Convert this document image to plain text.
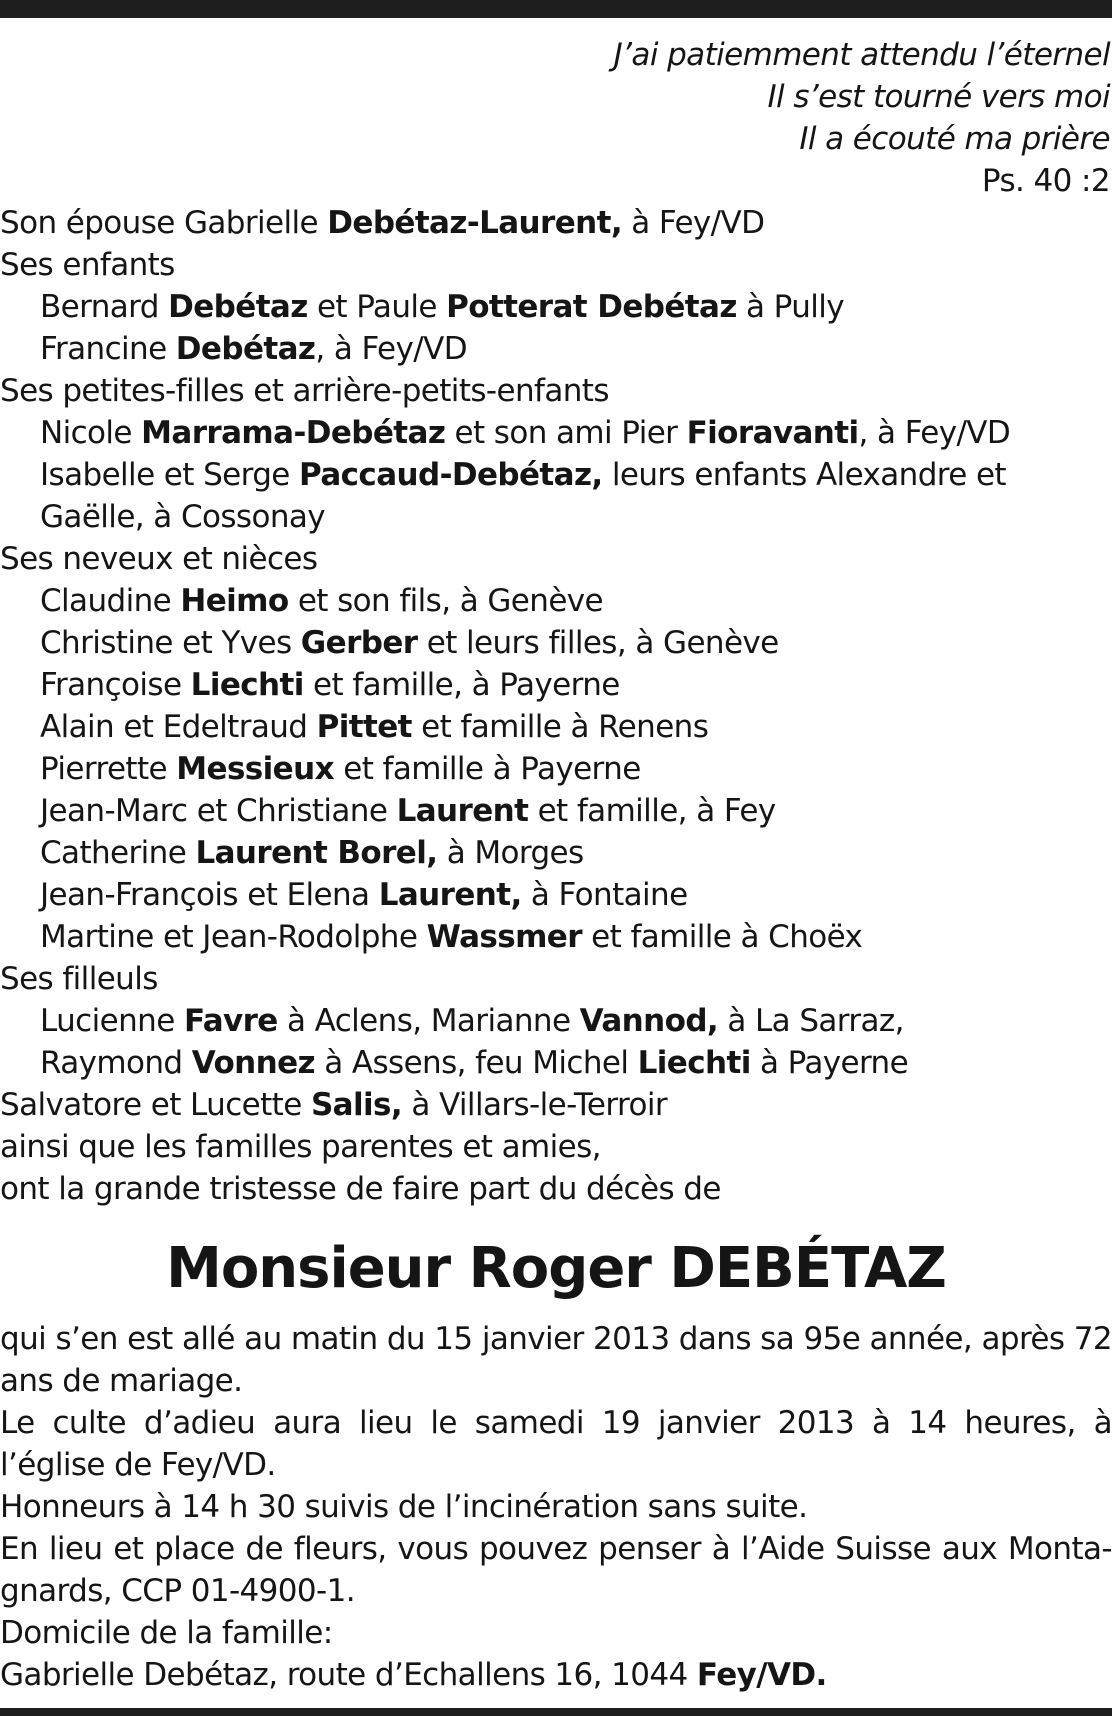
J’ai patiemment attendu l’éternel
Il s’est tourné vers moi
Il a écouté ma prière
Ps. 40 :2
Son épouse Gabrielle Debétaz-Laurent, à Fey/VD
Ses enfants
Bernard Debétaz et Paule Potterat Debétaz à Pully
Francine Debétaz, à Fey/VD
Ses petites-filles et arrière-petits-enfants
Nicole Marrama-Debétaz et son ami Pier Fioravanti, à Fey/VD
Isabelle et Serge Paccaud-Debétaz, leurs enfants Alexandre et Gaëlle, à Cossonay
Ses neveux et nièces
Claudine Heimo et son fils, à Genève
Christine et Yves Gerber et leurs filles, à Genève
Françoise Liechti et famille, à Payerne
Alain et Edeltraud Pittet et famille à Renens
Pierrette Messieux et famille à Payerne
Jean-Marc et Christiane Laurent et famille, à Fey
Catherine Laurent Borel, à Morges
Jean-François et Elena Laurent, à Fontaine
Martine et Jean-Rodolphe Wassmer et famille à Choëx
Ses filleuls
Lucienne Favre à Aclens, Marianne Vannod, à La Sarraz,
Raymond Vonnez à Assens, feu Michel Liechti à Payerne
Salvatore et Lucette Salis, à Villars-le-Terroir
ainsi que les familles parentes et amies,
ont la grande tristesse de faire part du décès de
Monsieur Roger DEBÉTAZ
qui s’en est allé au matin du 15 janvier 2013 dans sa 95e année, après 72 ans de mariage.
Le culte d’adieu aura lieu le samedi 19 janvier 2013 à 14 heures, à l’église de Fey/VD.
Honneurs à 14 h 30 suivis de l’incinération sans suite.
En lieu et place de fleurs, vous pouvez penser à l’Aide Suisse aux Monta-gnards, CCP 01-4900-1.
Domicile de la famille:
Gabrielle Debétaz, route d’Echallens 16, 1044 Fey/VD.
